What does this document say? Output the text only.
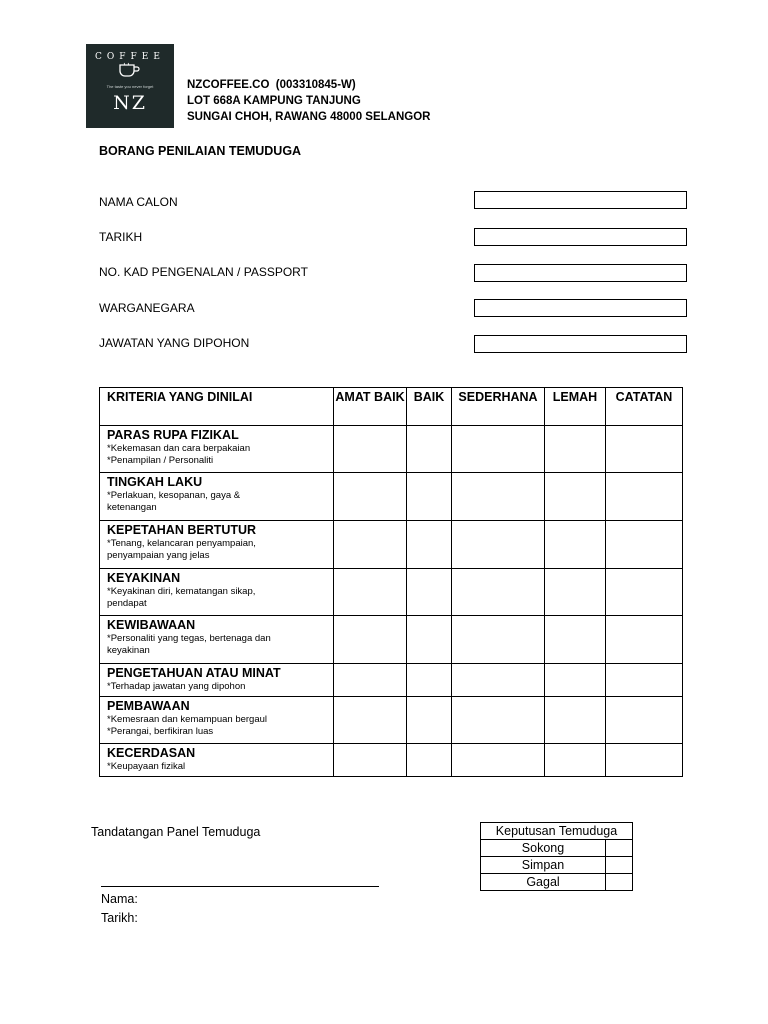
COFFEE
The taste you never forget
NZ
NZCOFFEE.CO  (003310845-W)
LOT 668A KAMPUNG TANJUNG
SUNGAI CHOH, RAWANG 48000 SELANGOR
BORANG PENILAIAN TEMUDUGA
NAMA CALON
TARIKH
NO. KAD PENGENALAN / PASSPORT
WARGANEGARA
JAWATAN YANG DIPOHON
KRITERIA YANG DINILAI	AMAT BAIK	BAIK	SEDERHANA	LEMAH	CATATAN

PARAS RUPA FIZIKAL
*Kekemasan dan cara berpakaian
*Penampilan / Personaliti					

TINGKAH LAKU
*Perlakuan, kesopanan, gaya &
ketenangan					

KEPETAHAN BERTUTUR
*Tenang, kelancaran penyampaian,
penyampaian yang jelas					

KEYAKINAN
*Keyakinan diri, kematangan sikap,
pendapat					

KEWIBAWAAN
*Personaliti yang tegas, bertenaga dan
keyakinan					

PENGETAHUAN ATAU MINAT
*Terhadap jawatan yang dipohon					

PEMBAWAAN
*Kemesraan dan kemampuan bergaul
*Perangai, berfikiran luas					

KECERDASAN
*Keupayaan fizikal					

Tandatangan Panel Temuduga
Nama:
Tarikh:
Keputusan Temuduga	
Sokong	
Simpan	
Gagal	
